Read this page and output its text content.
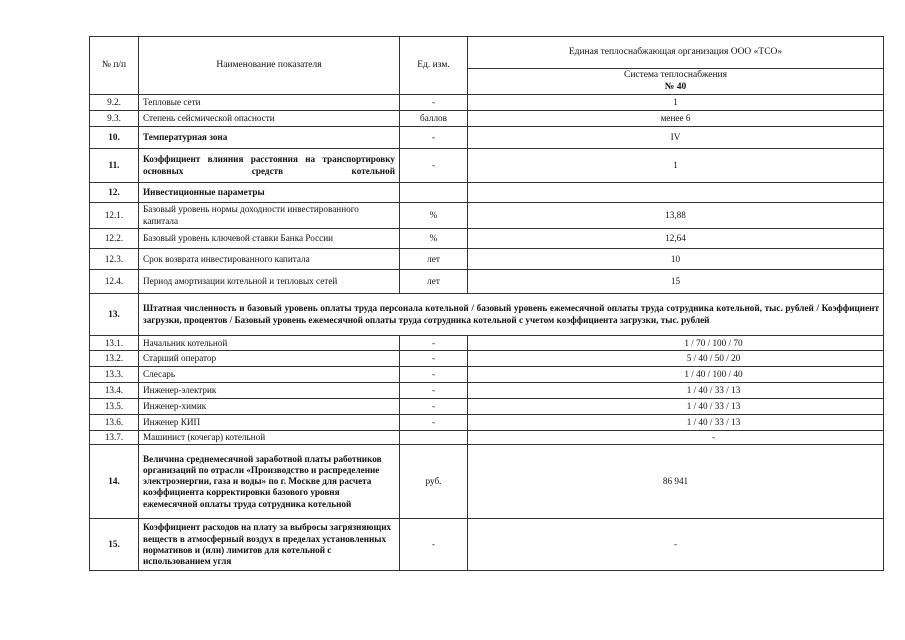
№ п/п	Наименование показателя	Ед. изм.	Единая теплоснабжающая организация ООО «ТСО»

			Система теплоснабжения
№ 40

9.2.	Тепловые сети	-	1
9.3.	Степень сейсмической опасности	баллов	менее 6
10.	Температурная зона	-	IV
11.	Коэффициент влияния расстояния на транспортировку основных средств котельной	-	1
12.	Инвестиционные параметры		
12.1.	Базовый уровень нормы доходности инвестированного капитала	%	13,88
12.2.	Базовый уровень ключевой ставки Банка России	%	12,64
12.3.	Срок возврата инвестированного капитала	лет	10
12.4.	Период амортизации котельной и тепловых сетей	лет	15
13.	Штатная численность и базовый уровень оплаты труда персонала котельной / базовый уровень ежемесячной оплаты труда сотрудника котельной, тыс. рублей / Коэффициент загрузки, процентов / Базовый уровень ежемесячной оплаты труда сотрудника котельной с учетом коэффициента загрузки, тыс. рублей		
13.1.	Начальник котельной	-	1 / 70 / 100 / 70
13.2.	Старший оператор	-	5 / 40 / 50 / 20
13.3.	Слесарь	-	1 / 40 / 100 / 40
13.4.	Инженер-электрик	-	1 / 40 / 33 / 13
13.5.	Инженер-химик	-	1 / 40 / 33 / 13
13.6.	Инженер КИП	-	1 / 40 / 33 / 13
13.7.	Машинист (кочегар) котельной		-
14.	Величина среднемесячной заработной платы работников организаций по отрасли «Производство и распределение электроэнергии, газа и воды» по г. Москве для расчета коэффициента корректировки базового уровня ежемесячной оплаты труда сотрудника котельной	руб.	86 941
15.	Коэффициент расходов на плату за выбросы загрязняющих веществ в атмосферный воздух в пределах установленных нормативов и (или) лимитов для котельной с использованием угля	-	-
